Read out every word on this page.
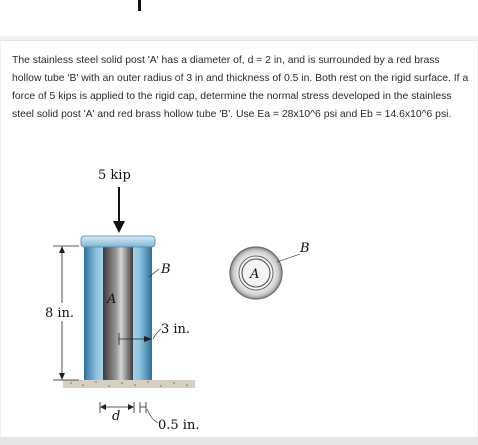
The stainless steel solid post 'A' has a diameter of, d = 2 in, and is surrounded by a red brass hollow tube 'B' with an outer radius of 3 in and thickness of 0.5 in. Both rest on the rigid surface. If a force of 5 kips is applied to the rigid cap, determine the normal stress developed in the stainless steel solid post 'A' and red brass hollow tube 'B'. Use Ea = 28x10^6 psi and Eb = 14.6x10^6 psi.

5 kip
8 in.
A
B
3 in.
d
0.5 in.
A
B
